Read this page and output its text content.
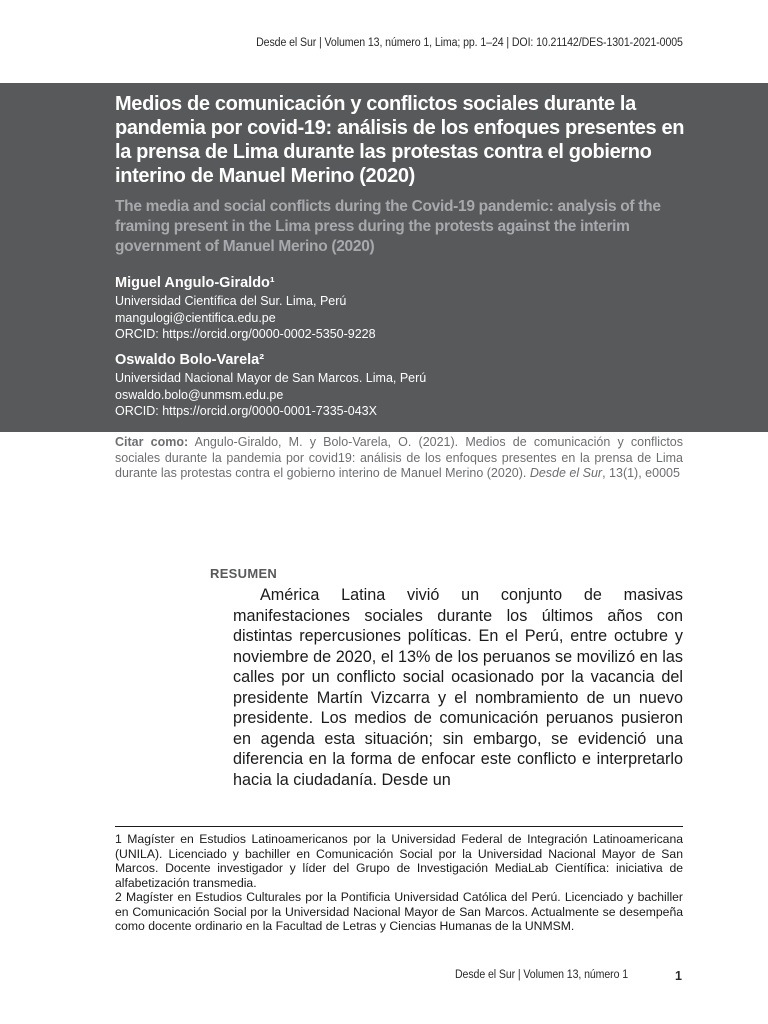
Desde el Sur | Volumen 13, número 1, Lima; pp. 1–24 | DOI: 10.21142/DES-1301-2021-0005
Medios de comunicación y conflictos sociales durante la pandemia por covid-19: análisis de los enfoques presentes en la prensa de Lima durante las protestas contra el gobierno interino de Manuel Merino (2020)
The media and social conflicts during the Covid-19 pandemic: analysis of the framing present in the Lima press during the protests against the interim government of Manuel Merino (2020)
Miguel Angulo-Giraldo¹
Universidad Científica del Sur. Lima, Perú
mangulogi@cientifica.edu.pe
ORCID: https://orcid.org/0000-0002-5350-9228
Oswaldo Bolo-Varela²
Universidad Nacional Mayor de San Marcos. Lima, Perú
oswaldo.bolo@unmsm.edu.pe
ORCID: https://orcid.org/0000-0001-7335-043X

Citar como: Angulo-Giraldo, M. y Bolo-Varela, O. (2021). Medios de comunicación y conflictos sociales durante la pandemia por covid19: análisis de los enfoques presentes en la prensa de Lima durante las protestas contra el gobierno interino de Manuel Merino (2020). Desde el Sur, 13(1), e0005

RESUMEN

América Latina vivió un conjunto de masivas manifestaciones sociales durante los últimos años con distintas repercusiones políticas. En el Perú, entre octubre y noviembre de 2020, el 13% de los peruanos se movilizó en las calles por un conflicto social ocasionado por la vacancia del presidente Martín Vizcarra y el nombramiento de un nuevo presidente. Los medios de comunicación peruanos pusieron en agenda esta situación; sin embargo, se evidenció una diferencia en la forma de enfocar este conflicto e interpretarlo hacia la ciudadanía. Desde un

1 Magíster en Estudios Latinoamericanos por la Universidad Federal de Integración Latinoamericana (UNILA). Licenciado y bachiller en Comunicación Social por la Universidad Nacional Mayor de San Marcos. Docente investigador y líder del Grupo de Investigación MediaLab Científica: iniciativa de alfabetización transmedia.

2 Magíster en Estudios Culturales por la Pontificia Universidad Católica del Perú. Licenciado y bachiller en Comunicación Social por la Universidad Nacional Mayor de San Marcos. Actualmente se desempeña como docente ordinario en la Facultad de Letras y Ciencias Humanas de la UNMSM.

Desde el Sur | Volumen 13, número 1	1
